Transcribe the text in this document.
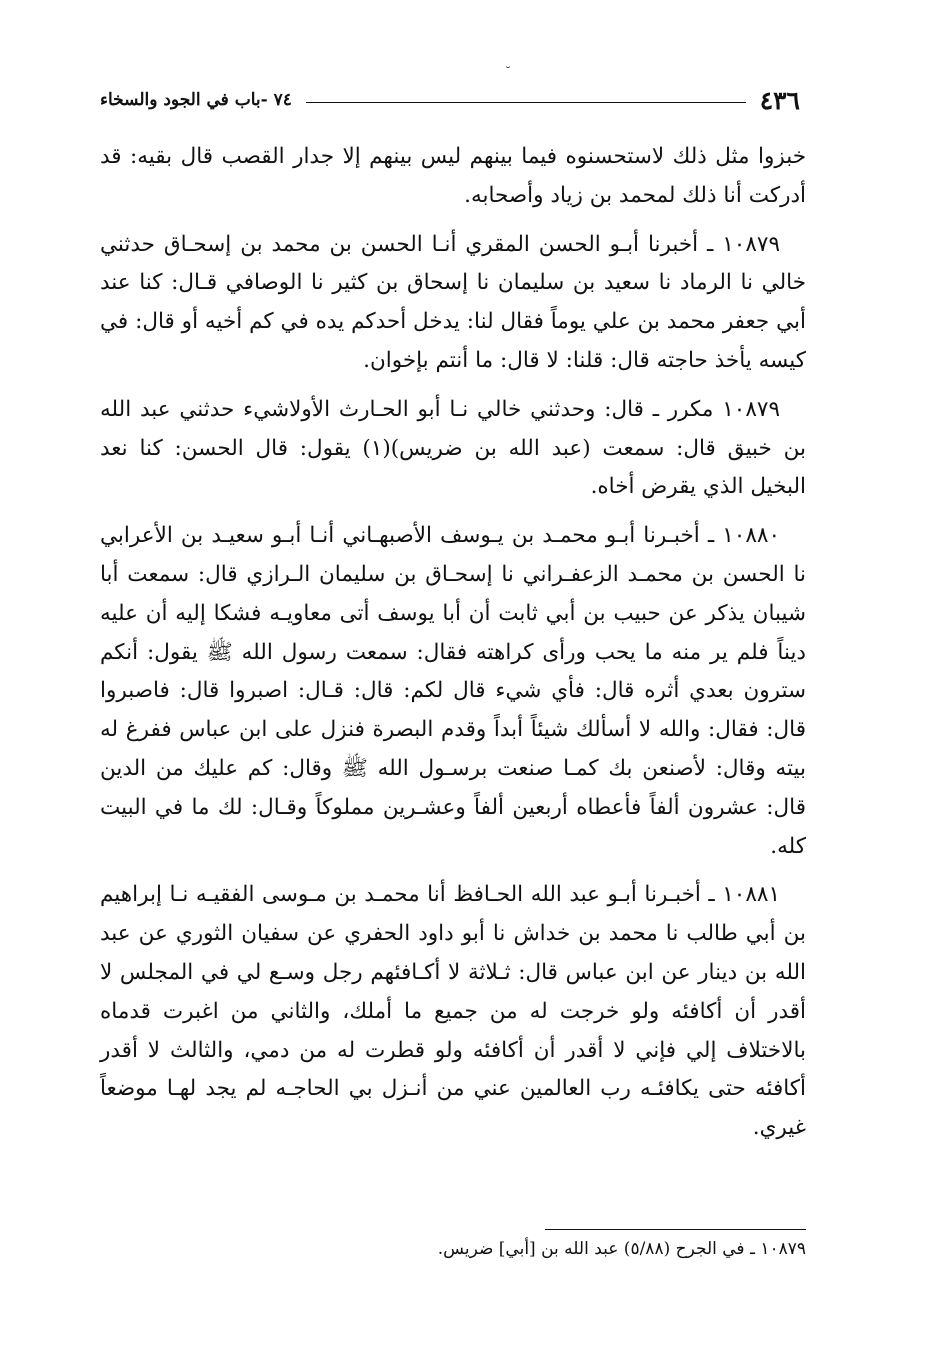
˘
٤٣٦
٧٤ -باب في الجود والسخاء

خبزوا مثل ذلك لاستحسنوه فيما بينهم ليس بينهم إلا جدار القصب قال بقيه: قد أدركت أنا ذلك لمحمد بن زياد وأصحابه.

١٠٨٧٩ ـ أخبرنا أبـو الحسن المقري أنـا الحسن بن محمد بن إسحـاق حدثني خالي نا الرماد نا سعيد بن سليمان نا إسحاق بن كثير نا الوصافي قـال: كنا عند أبي جعفر محمد بن علي يوماً فقال لنا: يدخل أحدكم يده في كم أخيه أو قال: في كيسه يأخذ حاجته قال: قلنا: لا قال: ما أنتم بإخوان.

١٠٨٧٩ مكرر ـ قال: وحدثني خالي نـا أبو الحـارث الأولاشيء حدثني عبد الله بن خبيق قال: سمعت (عبد الله بن ضريس)(١) يقول: قال الحسن: كنا نعد البخيل الذي يقرض أخاه.

١٠٨٨٠ ـ أخبـرنا أبـو محمـد بن يـوسف الأصبهـاني أنـا أبـو سعيـد بن الأعرابي نا الحسن بن محمـد الزعفـراني نا إسحـاق بن سليمان الـرازي قال: سمعت أبا شيبان يذكر عن حبيب بن أبي ثابت أن أبا يوسف أتى معاويـه فشكا إليه أن عليه ديناً فلم ير منه ما يحب ورأى كراهته فقال: سمعت رسول الله ﷺ يقول: أنكم سترون بعدي أثره قال: فأي شيء قال لكم: قال: قـال: اصبروا قال: فاصبروا قال: فقال: والله لا أسألك شيئاً أبداً وقدم البصرة فنزل على ابن عباس ففرغ له بيته وقال: لأصنعن بك كمـا صنعت برسـول الله ﷺ وقال: كم عليك من الدين قال: عشرون ألفاً فأعطاه أربعين ألفاً وعشـرين مملوكاً وقـال: لك ما في البيت كله.

١٠٨٨١ ـ أخبـرنا أبـو عبد الله الحـافظ أنا محمـد بن مـوسى الفقيـه نـا إبراهيم بن أبي طالب نا محمد بن خداش نا أبو داود الحفري عن سفيان الثوري عن عبد الله بن دينار عن ابن عباس قال: ثـلاثة لا أكـافئهم رجل وسـع لي في المجلس لا أقدر أن أكافئه ولو خرجت له من جميع ما أملك، والثاني من اغبرت قدماه بالاختلاف إلي فإني لا أقدر أن أكافئه ولو قطرت له من دمي، والثالث لا أقدر أكافئه حتى يكافئـه رب العالمين عني من أنـزل بي الحاجـه لم يجد لهـا موضعاً غيري.

١٠٨٧٩ ـ في الجرح (٥/٨٨) عبد الله بن [أبي] ضريس.
